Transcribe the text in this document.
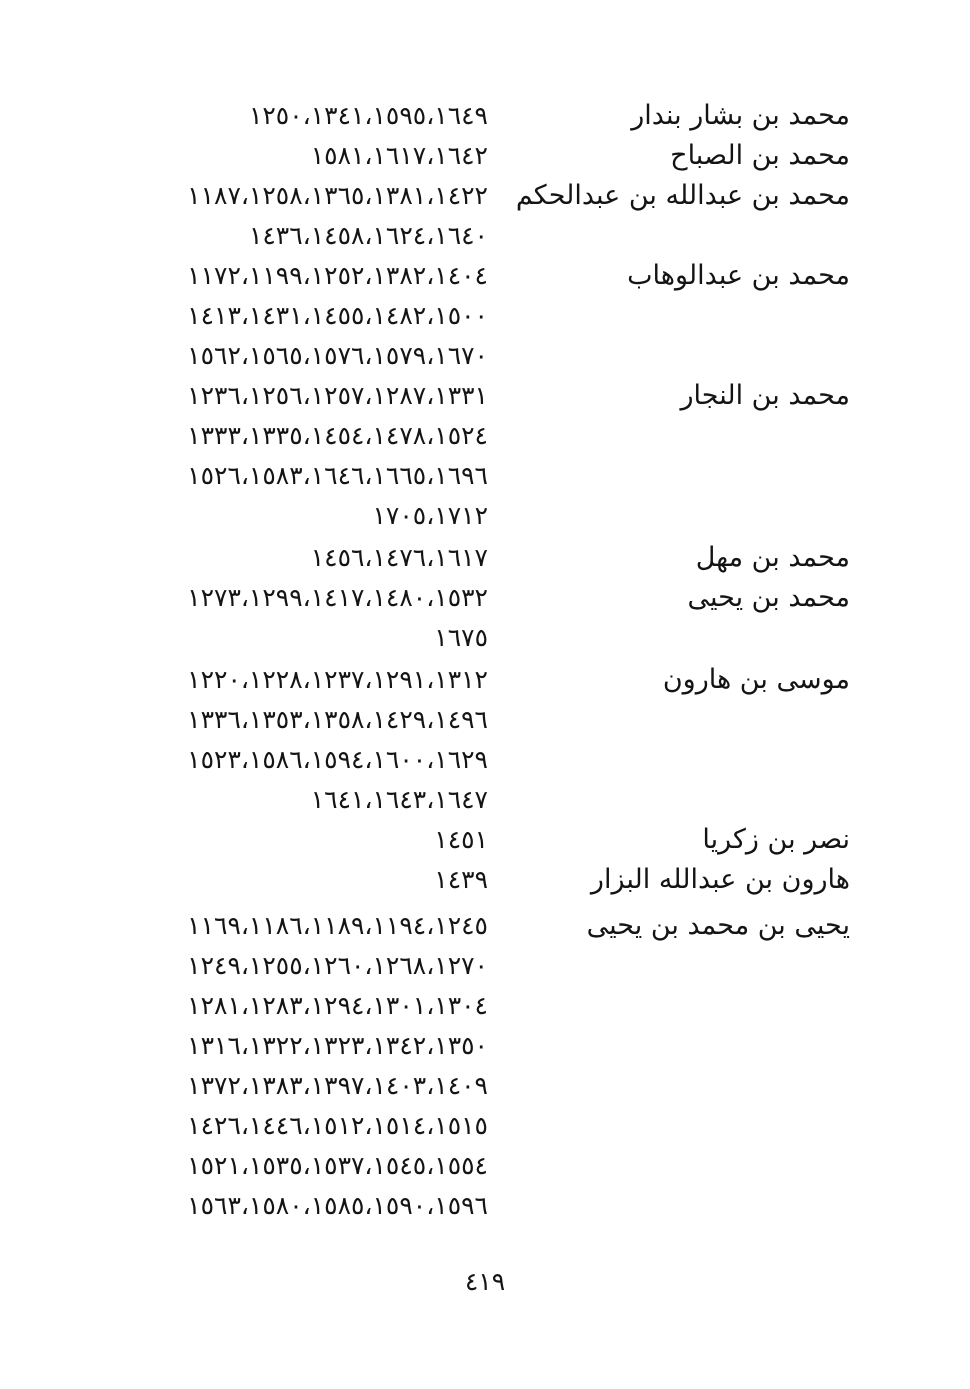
محمد بن بشار بندار
١٢٥٠،١٣٤١،١٥٩٥،١٦٤٩
محمد بن الصباح
١٥٨١،١٦١٧،١٦٤٢
محمد بن عبدالله بن عبدالحكم
١١٨٧،١٢٥٨،١٣٦٥،١٣٨١،١٤٢٢
١٤٣٦،١٤٥٨،١٦٢٤،١٦٤٠
محمد بن عبدالوهاب
١١٧٢،١١٩٩،١٢٥٢،١٣٨٢،١٤٠٤
١٤١٣،١٤٣١،١٤٥٥،١٤٨٢،١٥٠٠
١٥٦٢،١٥٦٥،١٥٧٦،١٥٧٩،١٦٧٠
محمد بن النجار
١٢٣٦،١٢٥٦،١٢٥٧،١٢٨٧،١٣٣١
١٣٣٣،١٣٣٥،١٤٥٤،١٤٧٨،١٥٢٤
١٥٢٦،١٥٨٣،١٦٤٦،١٦٦٥،١٦٩٦
١٧٠٥،١٧١٢
محمد بن مهل
١٤٥٦،١٤٧٦،١٦١٧
محمد بن يحيى
١٢٧٣،١٢٩٩،١٤١٧،١٤٨٠،١٥٣٢
١٦٧٥
موسى بن هارون
١٢٢٠،١٢٢٨،١٢٣٧،١٢٩١،١٣١٢
١٣٣٦،١٣٥٣،١٣٥٨،١٤٢٩،١٤٩٦
١٥٢٣،١٥٨٦،١٥٩٤،١٦٠٠،١٦٢٩
١٦٤١،١٦٤٣،١٦٤٧
نصر بن زكريا
١٤٥١
هارون بن عبدالله البزار
١٤٣٩
يحيى بن محمد بن يحيى
١١٦٩،١١٨٦،١١٨٩،١١٩٤،١٢٤٥
١٢٤٩،١٢٥٥،١٢٦٠،١٢٦٨،١٢٧٠
١٢٨١،١٢٨٣،١٢٩٤،١٣٠١،١٣٠٤
١٣١٦،١٣٢٢،١٣٢٣،١٣٤٢،١٣٥٠
١٣٧٢،١٣٨٣،١٣٩٧،١٤٠٣،١٤٠٩
١٤٢٦،١٤٤٦،١٥١٢،١٥١٤،١٥١٥
١٥٢١،١٥٣٥،١٥٣٧،١٥٤٥،١٥٥٤
١٥٦٣،١٥٨٠،١٥٨٥،١٥٩٠،١٥٩٦
٤١٩
